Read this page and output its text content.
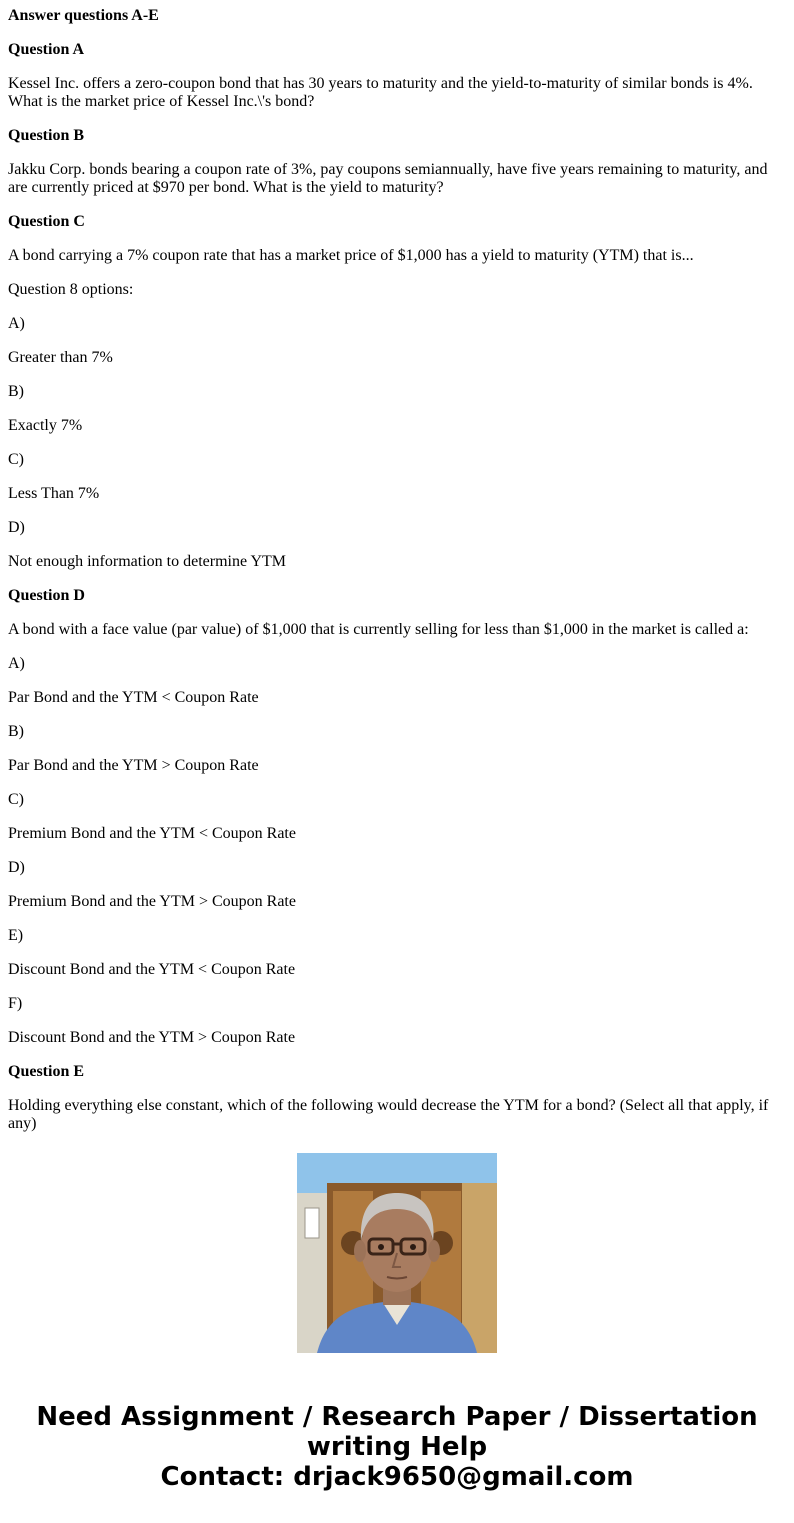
Answer questions A-E

Question A

Kessel Inc. offers a zero-coupon bond that has 30 years to maturity and the yield-to-maturity of similar bonds is 4%. What is the market price of Kessel Inc.\'s bond?

Question B

Jakku Corp. bonds bearing a coupon rate of 3%, pay coupons semiannually, have five years remaining to maturity, and are currently priced at $970 per bond. What is the yield to maturity?

Question C

A bond carrying a 7% coupon rate that has a market price of $1,000 has a yield to maturity (YTM) that is...

Question 8 options:

A)

Greater than 7%

B)

Exactly 7%

C)

Less Than 7%

D)

Not enough information to determine YTM

Question D

A bond with a face value (par value) of $1,000 that is currently selling for less than $1,000 in the market is called a:

A)

Par Bond and the YTM < Coupon Rate

B)

Par Bond and the YTM > Coupon Rate

C)

Premium Bond and the YTM < Coupon Rate

D)

Premium Bond and the YTM > Coupon Rate

E)

Discount Bond and the YTM < Coupon Rate

F)

Discount Bond and the YTM > Coupon Rate

Question E

Holding everything else constant, which of the following would decrease the YTM for a bond? (Select all that apply, if any)

Need Assignment / Research Paper / Dissertation
writing Help
Contact: drjack9650@gmail.com
